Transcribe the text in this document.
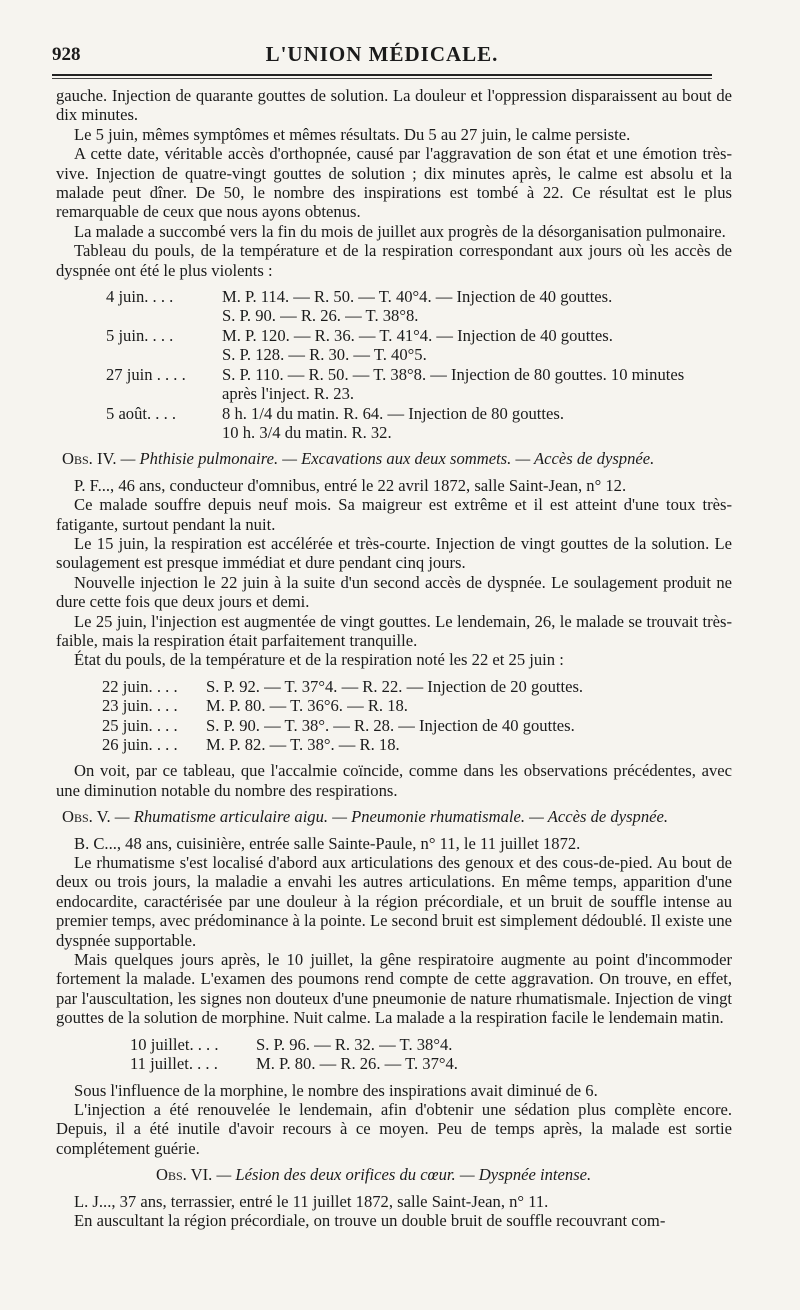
928	L'UNION MÉDICALE.

gauche. Injection de quarante gouttes de solution. La douleur et l'oppression disparaissent au bout de dix minutes.

Le 5 juin, mêmes symptômes et mêmes résultats. Du 5 au 27 juin, le calme persiste.

A cette date, véritable accès d'orthopnée, causé par l'aggravation de son état et une émotion très-vive. Injection de quatre-vingt gouttes de solution ; dix minutes après, le calme est absolu et la malade peut dîner. De 50, le nombre des inspirations est tombé à 22. Ce résultat est le plus remarquable de ceux que nous ayons obtenus.

La malade a succombé vers la fin du mois de juillet aux progrès de la désorganisation pulmonaire.

Tableau du pouls, de la température et de la respiration correspondant aux jours où les accès de dyspnée ont été le plus violents :

4 juin. . . .	M. P. 114. — R. 50. — T. 40°4. — Injection de 40 gouttes.
S. P. 90. — R. 26. — T. 38°8.
5 juin. . . .	M. P. 120. — R. 36. — T. 41°4. — Injection de 40 gouttes.
S. P. 128. — R. 30. — T. 40°5.
27 juin . . . .	S. P. 110. — R. 50. — T. 38°8. — Injection de 80 gouttes. 10 minutes
après l'inject. R. 23.
5 août. . . .	8 h. 1/4 du matin. R. 64. — Injection de 80 gouttes.
10 h. 3/4 du matin. R. 32.

Obs. IV. — Phthisie pulmonaire. — Excavations aux deux sommets. — Accès de dyspnée.

P. F..., 46 ans, conducteur d'omnibus, entré le 22 avril 1872, salle Saint-Jean, n° 12.

Ce malade souffre depuis neuf mois. Sa maigreur est extrême et il est atteint d'une toux très-fatigante, surtout pendant la nuit.

Le 15 juin, la respiration est accélérée et très-courte. Injection de vingt gouttes de la solution. Le soulagement est presque immédiat et dure pendant cinq jours.

Nouvelle injection le 22 juin à la suite d'un second accès de dyspnée. Le soulagement produit ne dure cette fois que deux jours et demi.

Le 25 juin, l'injection est augmentée de vingt gouttes. Le lendemain, 26, le malade se trouvait très-faible, mais la respiration était parfaitement tranquille.

État du pouls, de la température et de la respiration noté les 22 et 25 juin :

22 juin. . . .	S. P. 92. — T. 37°4. — R. 22. — Injection de 20 gouttes.
23 juin. . . .	M. P. 80. — T. 36°6. — R. 18.
25 juin. . . .	S. P. 90. — T. 38°. — R. 28. — Injection de 40 gouttes.
26 juin. . . .	M. P. 82. — T. 38°. — R. 18.

On voit, par ce tableau, que l'accalmie coïncide, comme dans les observations précédentes, avec une diminution notable du nombre des respirations.

Obs. V. — Rhumatisme articulaire aigu. — Pneumonie rhumatismale. — Accès de dyspnée.

B. C..., 48 ans, cuisinière, entrée salle Sainte-Paule, n° 11, le 11 juillet 1872.

Le rhumatisme s'est localisé d'abord aux articulations des genoux et des cous-de-pied. Au bout de deux ou trois jours, la maladie a envahi les autres articulations. En même temps, apparition d'une endocardite, caractérisée par une douleur à la région précordiale, et un bruit de souffle intense au premier temps, avec prédominance à la pointe. Le second bruit est simplement dédoublé. Il existe une dyspnée supportable.

Mais quelques jours après, le 10 juillet, la gêne respiratoire augmente au point d'incommoder fortement la malade. L'examen des poumons rend compte de cette aggravation. On trouve, en effet, par l'auscultation, les signes non douteux d'une pneumonie de nature rhumatismale. Injection de vingt gouttes de la solution de morphine. Nuit calme. La malade a la respiration facile le lendemain matin.

10 juillet. . . .	S. P. 96. — R. 32. — T. 38°4.
11 juillet. . . .	M. P. 80. — R. 26. — T. 37°4.

Sous l'influence de la morphine, le nombre des inspirations avait diminué de 6.

L'injection a été renouvelée le lendemain, afin d'obtenir une sédation plus complète encore. Depuis, il a été inutile d'avoir recours à ce moyen. Peu de temps après, la malade est sortie complétement guérie.

Obs. VI. — Lésion des deux orifices du cœur. — Dyspnée intense.

L. J..., 37 ans, terrassier, entré le 11 juillet 1872, salle Saint-Jean, n° 11.

En auscultant la région précordiale, on trouve un double bruit de souffle recouvrant com-
